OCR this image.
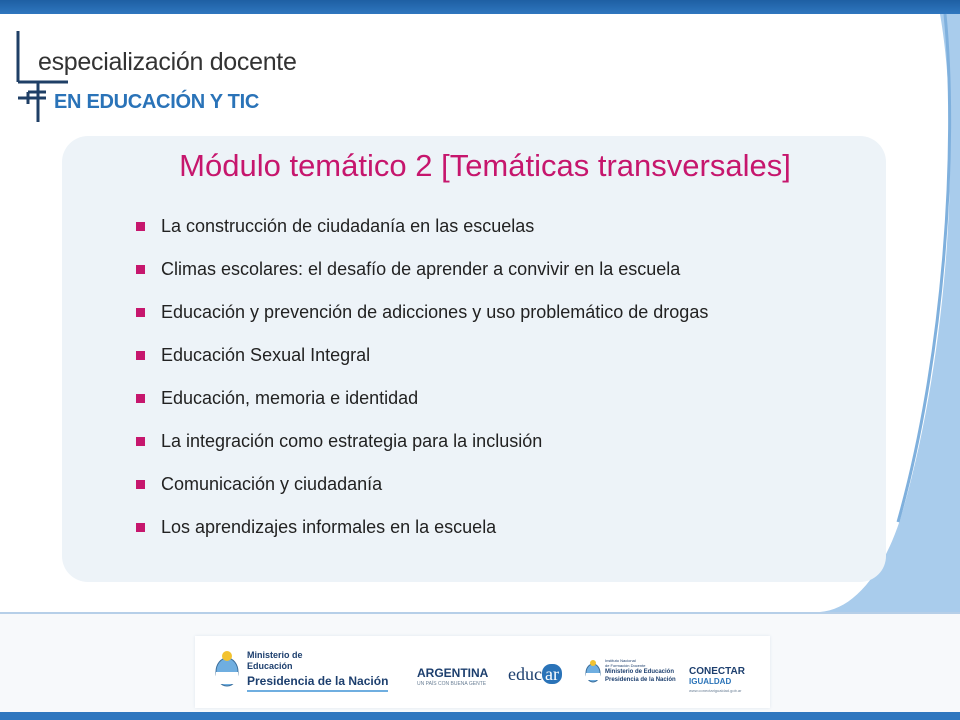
especialización docente
EN EDUCACIÓN Y TIC
Módulo temático 2 [Temáticas transversales]
La construcción de ciudadanía en las escuelas
Climas escolares: el desafío de aprender a convivir en la escuela
Educación y prevención de adicciones y uso problemático de drogas
Educación Sexual Integral
Educación, memoria e identidad
La integración como estrategia para la inclusión
Comunicación y ciudadanía
Los aprendizajes informales en la escuela
Ministerio de
Educación
Presidencia de la Nación
ARGENTINA
UN PAÍS CON BUENA GENTE educ ar
Instituto Nacional
de Formación Docente
Ministerio de Educación
Presidencia de la Nación
CONECTAR
IGUALDAD
www.conectarigualdad.gob.ar
